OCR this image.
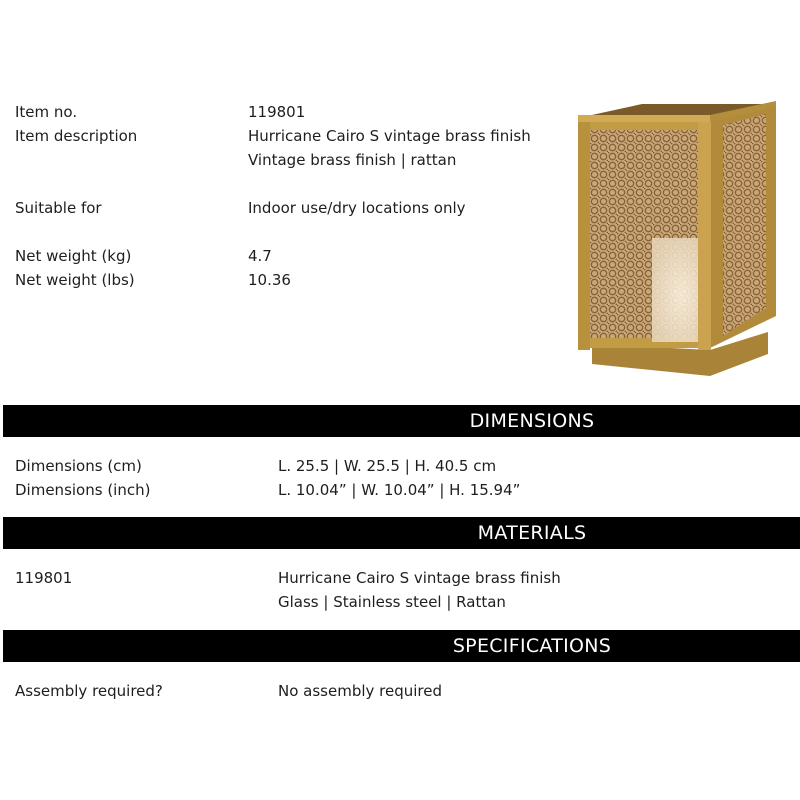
Item no.	119801
Item description	Hurricane Cairo S vintage brass finish
Vintage brass finish | rattan
Suitable for	Indoor use/dry locations only
Net weight (kg)	4.7
Net weight (lbs)	10.36
DIMENSIONS
Dimensions (cm)	L. 25.5 | W. 25.5 | H. 40.5 cm
Dimensions (inch)	L. 10.04” | W. 10.04” | H. 15.94”
MATERIALS
119801	Hurricane Cairo S vintage brass finish
Glass | Stainless steel | Rattan
SPECIFICATIONS
Assembly required?	No assembly required
